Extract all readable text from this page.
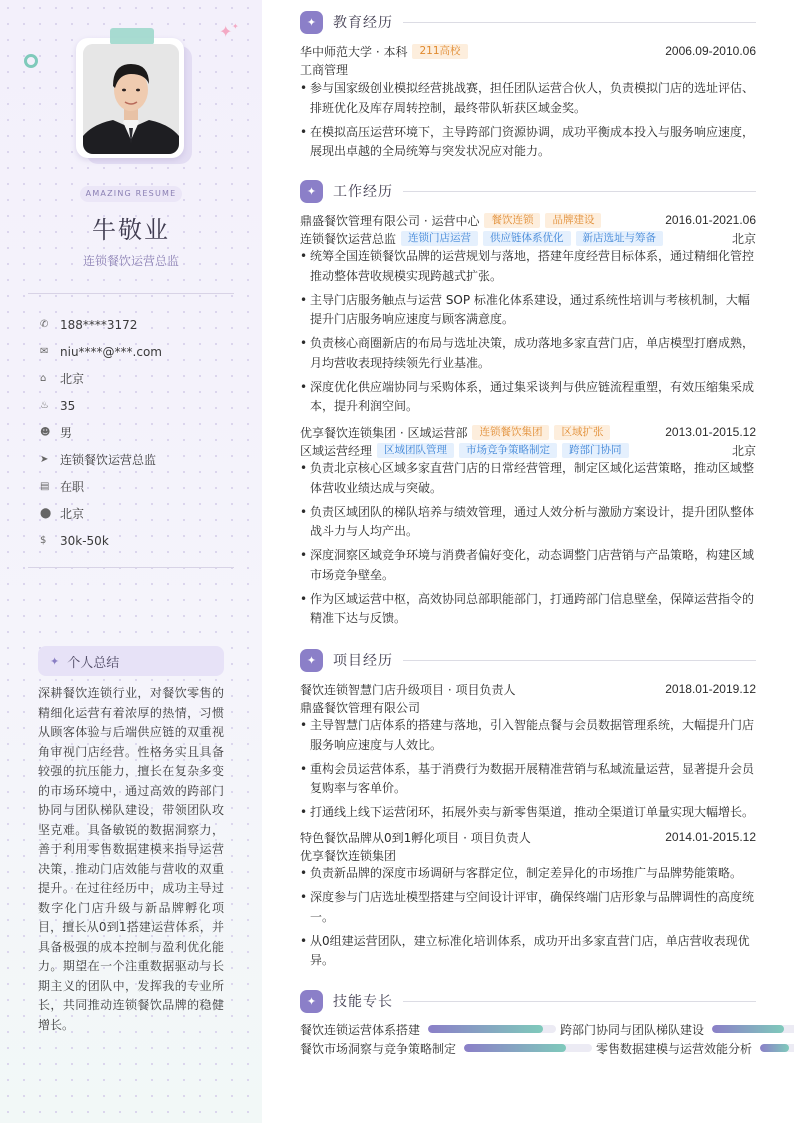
✦ ✦
AMAZING RESUME
牛敬业
连锁餐饮运营总监
✆ 188****3172
✉ niu****@***.com
⌂	北京
♨ 35
☻ 男
➤ 连锁餐饮运营总监
▤ 在职
⬤ 北京
$	30k-50k
✦ 个人总结
深耕餐饮连锁行业，对餐饮零售的精细化运营有着浓厚的热情，习惯从顾客体验与后端供应链的双重视角审视门店经营。性格务实且具备较强的抗压能力，擅长在复杂多变的市场环境中，通过高效的跨部门协同与团队梯队建设，带领团队攻坚克难。具备敏锐的数据洞察力，善于利用零售数据建模来指导运营决策，推动门店效能与营收的双重提升。在过往经历中，成功主导过数字化门店升级与新品牌孵化项目，擅长从0到1搭建运营体系，并具备极强的成本控制与盈利优化能力。期望在一个注重数据驱动与长期主义的团队中，发挥我的专业所长，共同推动连锁餐饮品牌的稳健增长。
✦	教育经历
华中师范大学 · 本科	211高校	2006.09-2010.06
工商管理
• 参与国家级创业模拟经营挑战赛，担任团队运营合伙人，负责模拟门店的选址评估、排班优化及库存周转控制，最终带队斩获区域金奖。
• 在模拟高压运营环境下，主导跨部门资源协调，成功平衡成本投入与服务响应速度，展现出卓越的全局统筹与突发状况应对能力。
✦	工作经历
鼎盛餐饮管理有限公司 · 运营中心	餐饮连锁	品牌建设	2016.01-2021.06
连锁餐饮运营总监	连锁门店运营	供应链体系优化	新店选址与筹备	北京
• 统筹全国连锁餐饮品牌的运营规划与落地，搭建年度经营目标体系，通过精细化管控推动整体营收规模实现跨越式扩张。
• 主导门店服务触点与运营 SOP 标准化体系建设，通过系统性培训与考核机制，大幅提升门店服务响应速度与顾客满意度。
• 负责核心商圈新店的布局与选址决策，成功落地多家直营门店，单店模型打磨成熟，月均营收表现持续领先行业基准。
• 深度优化供应端协同与采购体系，通过集采谈判与供应链流程重塑，有效压缩集采成本，提升利润空间。
优享餐饮连锁集团 · 区域运营部	连锁餐饮集团	区域扩张	2013.01-2015.12
区域运营经理	区域团队管理	市场竞争策略制定	跨部门协同	北京
• 负责北京核心区域多家直营门店的日常经营管理，制定区域化运营策略，推动区域整体营收业绩达成与突破。
• 负责区域团队的梯队培养与绩效管理，通过人效分析与激励方案设计，提升团队整体战斗力与人均产出。
• 深度洞察区域竞争环境与消费者偏好变化，动态调整门店营销与产品策略，构建区域市场竞争壁垒。
• 作为区域运营中枢，高效协同总部职能部门，打通跨部门信息壁垒，保障运营指令的精准下达与反馈。
✦	项目经历
餐饮连锁智慧门店升级项目 · 项目负责人	2018.01-2019.12
鼎盛餐饮管理有限公司
• 主导智慧门店体系的搭建与落地，引入智能点餐与会员数据管理系统，大幅提升门店服务响应速度与人效比。
• 重构会员运营体系，基于消费行为数据开展精准营销与私域流量运营，显著提升会员复购率与客单价。
• 打通线上线下运营闭环，拓展外卖与新零售渠道，推动全渠道订单量实现大幅增长。
特色餐饮品牌从0到1孵化项目 · 项目负责人	2014.01-2015.12
优享餐饮连锁集团
• 负责新品牌的深度市场调研与客群定位，制定差异化的市场推广与品牌势能策略。
• 深度参与门店选址模型搭建与空间设计评审，确保终端门店形象与品牌调性的高度统一。
• 从0组建运营团队，建立标准化培训体系，成功开出多家直营门店，单店营收表现优异。
✦	技能专长
餐饮连锁运营体系搭建	跨部门协同与团队梯队建设
餐饮市场洞察与竞争策略制定	零售数据建模与运营效能分析
